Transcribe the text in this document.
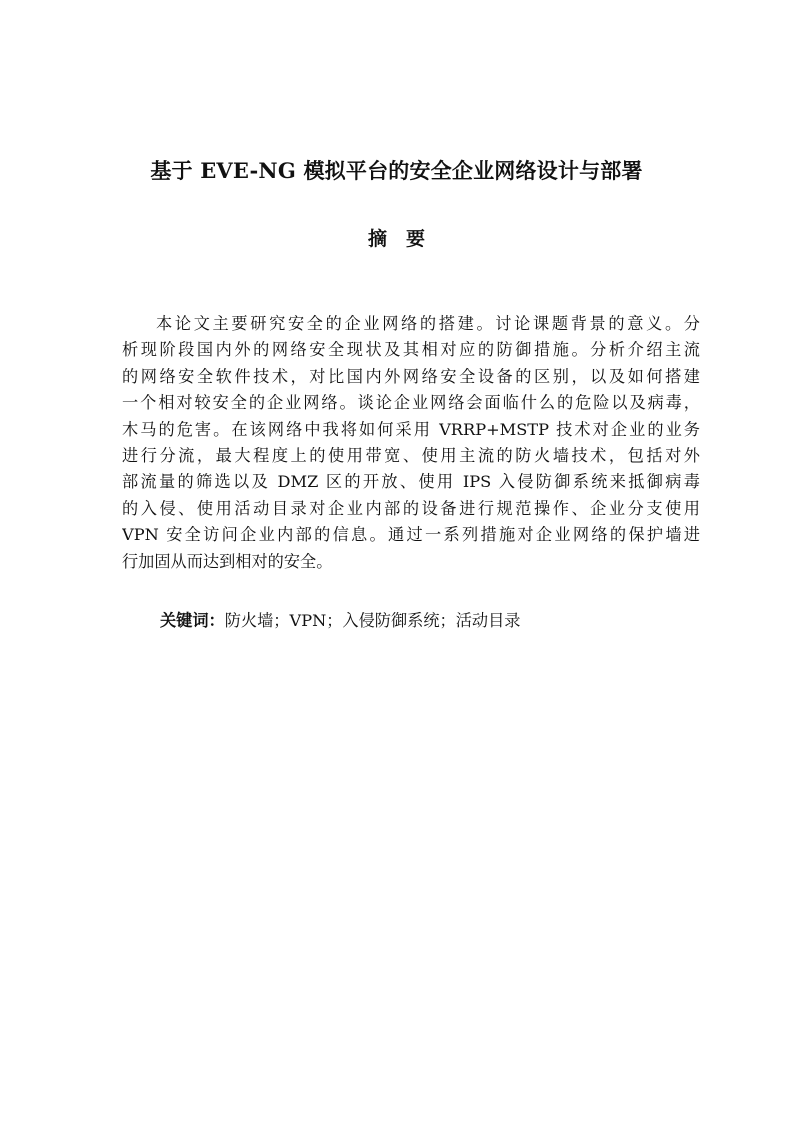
基于 EVE-NG 模拟平台的安全企业网络设计与部署
摘　要
本论文主要研究安全的企业网络的搭建。讨论课题背景的意义。分
析现阶段国内外的网络安全现状及其相对应的防御措施。分析介绍主流
的网络安全软件技术，对比国内外网络安全设备的区别，以及如何搭建
一个相对较安全的企业网络。谈论企业网络会面临什么的危险以及病毒，
木马的危害。在该网络中我将如何采用 VRRP+MSTP 技术对企业的业务
进行分流，最大程度上的使用带宽、使用主流的防火墙技术，包括对外
部流量的筛选以及 DMZ 区的开放、使用 IPS 入侵防御系统来抵御病毒
的入侵、使用活动目录对企业内部的设备进行规范操作、企业分支使用
VPN 安全访问企业内部的信息。通过一系列措施对企业网络的保护墙进
行加固从而达到相对的安全。
关键词：防火墙；VPN；入侵防御系统；活动目录
